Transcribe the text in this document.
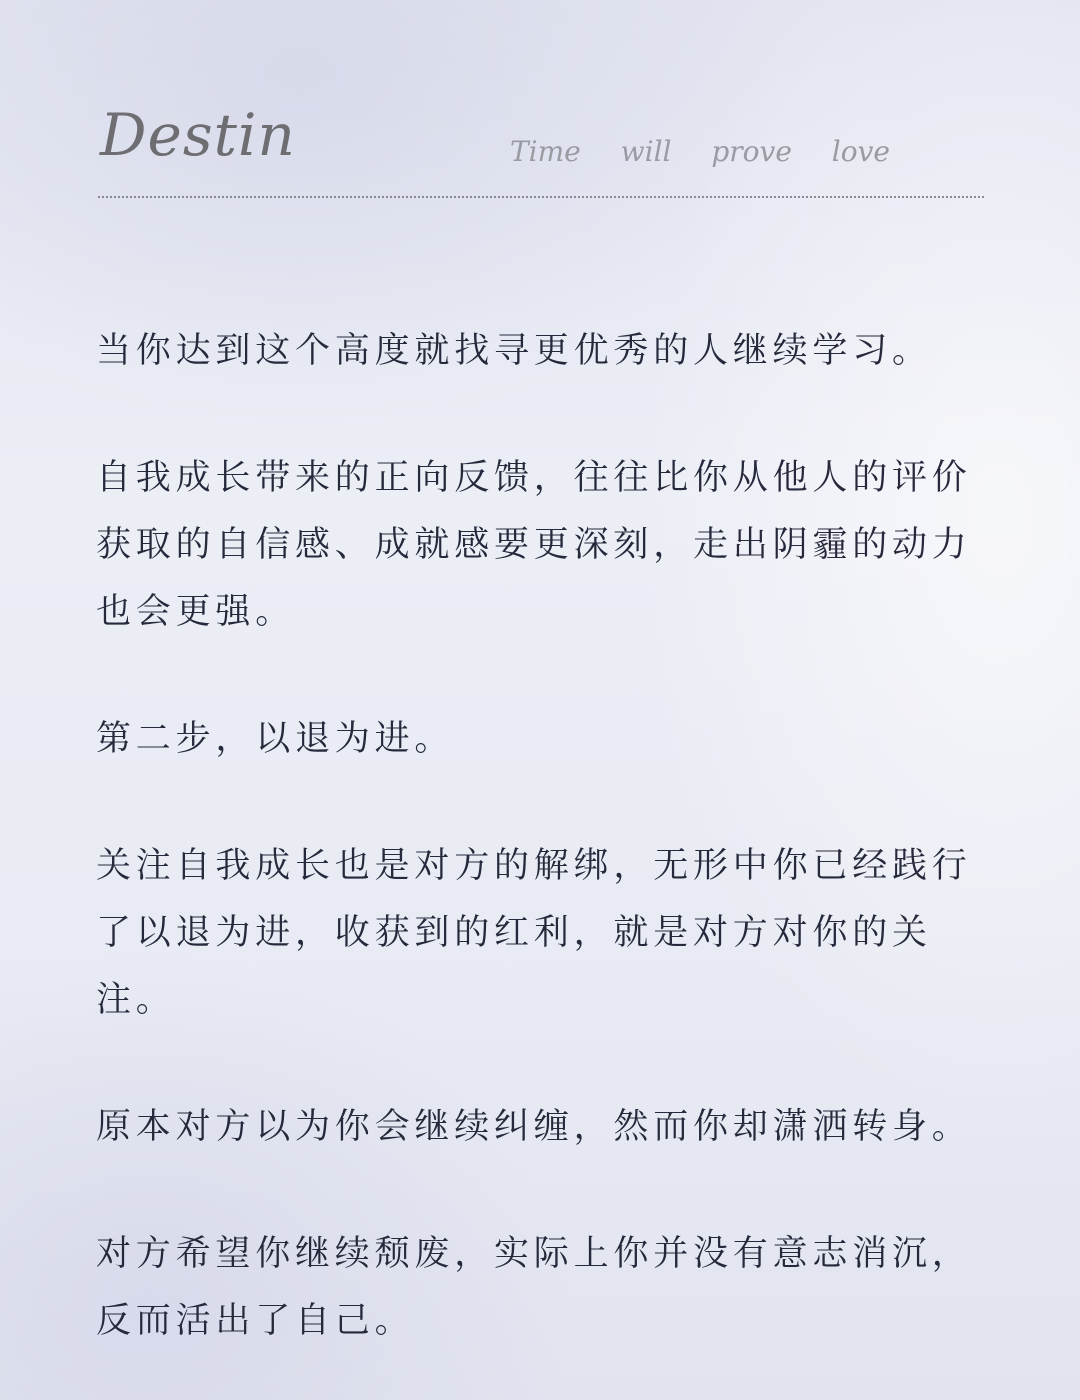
Destin	Time will prove love

当你达到这个高度就找寻更优秀的人继续学习。

自我成长带来的正向反馈，往往比你从他人的评价获取的自信感、成就感要更深刻，走出阴霾的动力也会更强。

第二步，以退为进。

关注自我成长也是对方的解绑，无形中你已经践行了以退为进，收获到的红利，就是对方对你的关注。

原本对方以为你会继续纠缠，然而你却潇洒转身。

对方希望你继续颓废，实际上你并没有意志消沉，反而活出了自己。
